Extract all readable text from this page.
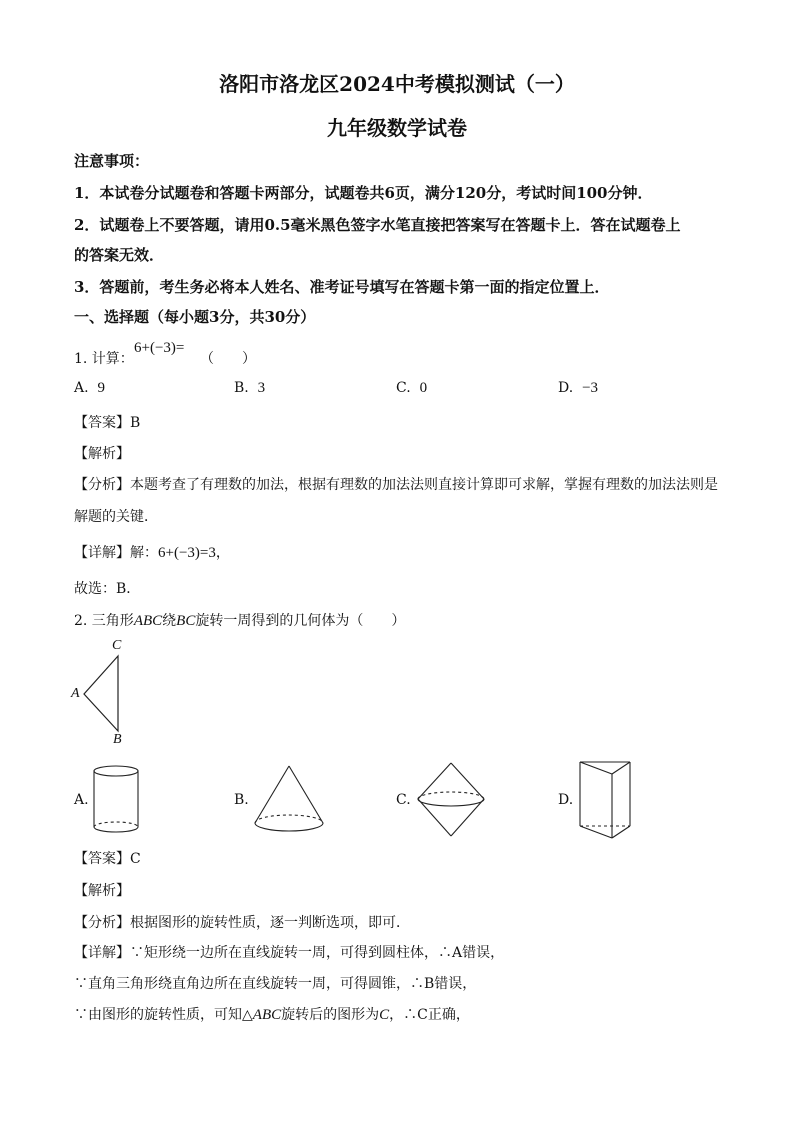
洛阳市洛龙区2024中考模拟测试（一）
九年级数学试卷
注意事项：
1．本试卷分试题卷和答题卡两部分，试题卷共6页，满分120分，考试时间100分钟．
2．试题卷上不要答题，请用0.5毫米黑色签字水笔直接把答案写在答题卡上．答在试题卷上
的答案无效．
3．答题前，考生务必将本人姓名、准考证号填写在答题卡第一面的指定位置上．
一、选择题（每小题3分，共30分）
1. 计算：
6+(−3)=
（　　）
A. 9	B. 3	C. 0	D. −3
【答案】B
【解析】
【分析】本题考查了有理数的加法，根据有理数的加法法则直接计算即可求解，掌握有理数的加法法则是
解题的关键．
【详解】解：6+(−3)=3，
故选：B．
2. 三角形ABC绕BC旋转一周得到的几何体为（　　）
C
A
B
A.	B.	C.	D.
【答案】C
【解析】
【分析】根据图形的旋转性质，逐一判断选项，即可．
【详解】∵矩形绕一边所在直线旋转一周，可得到圆柱体，∴A错误，
∵直角三角形绕直角边所在直线旋转一周，可得圆锥，∴B错误，
∵由图形的旋转性质，可知△ABC旋转后的图形为C，∴C正确，
